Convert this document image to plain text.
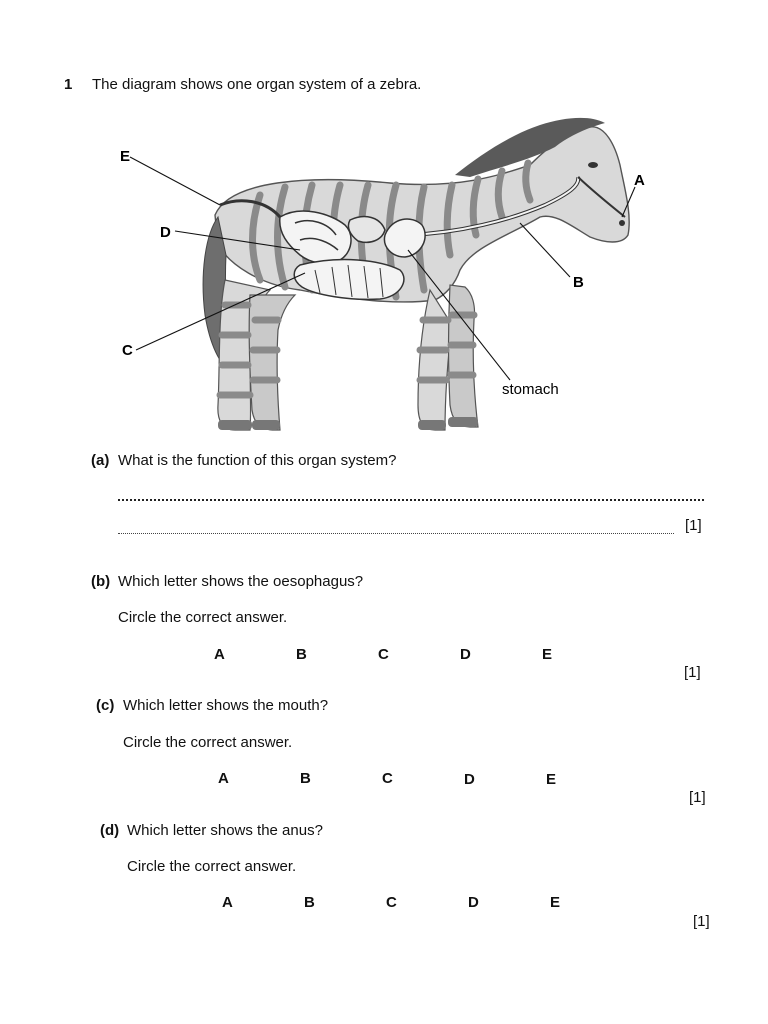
1 The diagram shows one organ system of a zebra.
E
D
C
A
B
stomach
(a) What is the function of this organ system?
[1]
(b) Which letter shows the oesophagus?
Circle the correct answer.
A	B	C	D	E
[1]
(c) Which letter shows the mouth?
Circle the correct answer.
A	B	C	D	E
[1]
(d) Which letter shows the anus?
Circle the correct answer.
A	B	C	D	E
[1]
